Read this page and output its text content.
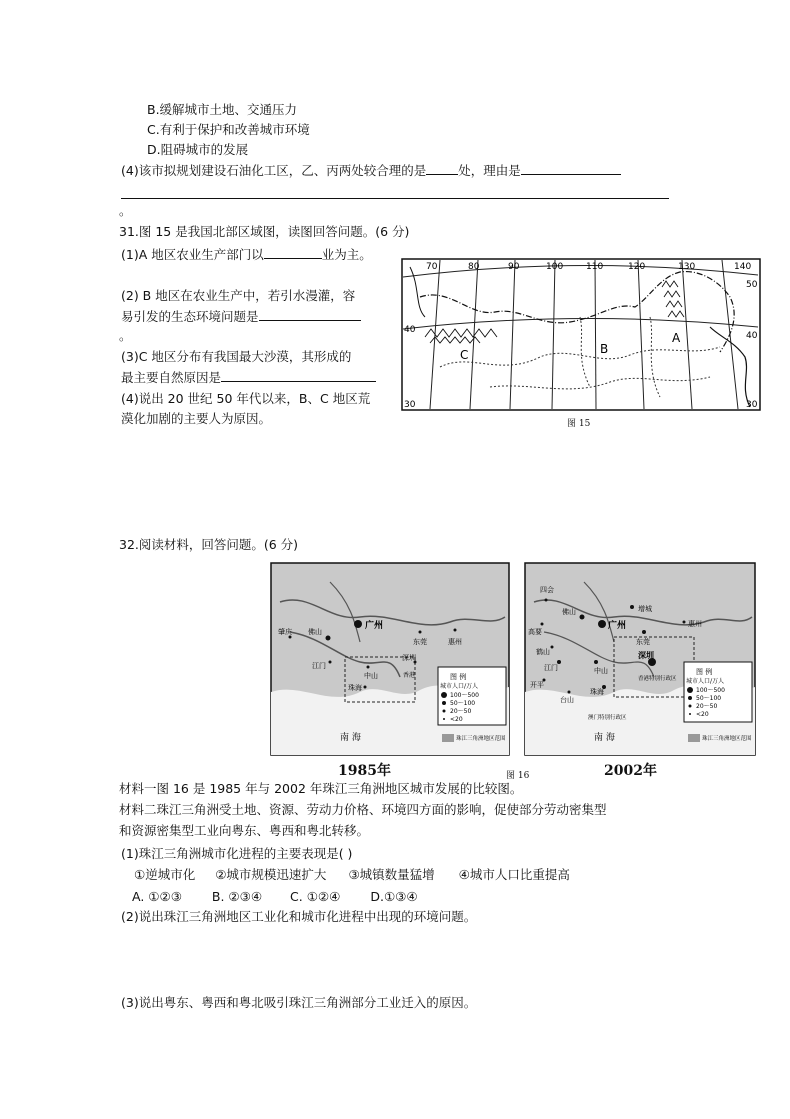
B.缓解城市土地、交通压力
C.有利于保护和改善城市环境
D.阻碍城市的发展
(4)该市拟规划建设石油化工区，乙、丙两处较合理的是	处，理由是
。
31.图 15 是我国北部区域图，读图回答问题。(6 分)
(1)A 地区农业生产部门以	业为主。
(2) B 地区在农业生产中，若引水漫灌，容
易引发的生态环境问题是
。
(3)C 地区分布有我国最大沙漠，其形成的
最主要自然原因是
(4)说出 20 世纪 50 年代以来，B、C 地区荒
漠化加剧的主要人为原因。
70	80	90	100	110	120	130	140
50
40
40
30	30
A
B
C
图 15
32.阅读材料，回答问题。(6 分)
图 例
城市人口/万人
100～500
50～100
20～50
<20
珠江三角洲地区范围
南 海
广州
肇庆 佛山
东莞	惠州
江门
中山
深圳
珠海
香港	图 例
城市人口/万人
100～500
50～100
20～50
<20
珠江三角洲地区范围
南 海
四会
增城
高要
佛山
广州
东莞
惠州
鹤山
江门	中山
深圳
开平
台山
珠海
香港特别行政区
澳门特别行政区
1985年	图 16	2002年
材料一图 16 是 1985 年与 2002 年珠江三角洲地区城市发展的比较图。
材料二珠江三角洲受土地、资源、劳动力价格、环境四方面的影响，促使部分劳动密集型
和资源密集型工业向粤东、粤西和粤北转移。
(1)珠江三角洲城市化进程的主要表现是( )
①逆城市化 ②城市规模迅速扩大 ③城镇数量猛增 ④城市人口比重提高
A. ①②③ B. ②③④ C. ①②④ D.①③④
(2)说出珠江三角洲地区工业化和城市化进程中出现的环境问题。
(3)说出粤东、粤西和粤北吸引珠江三角洲部分工业迁入的原因。
